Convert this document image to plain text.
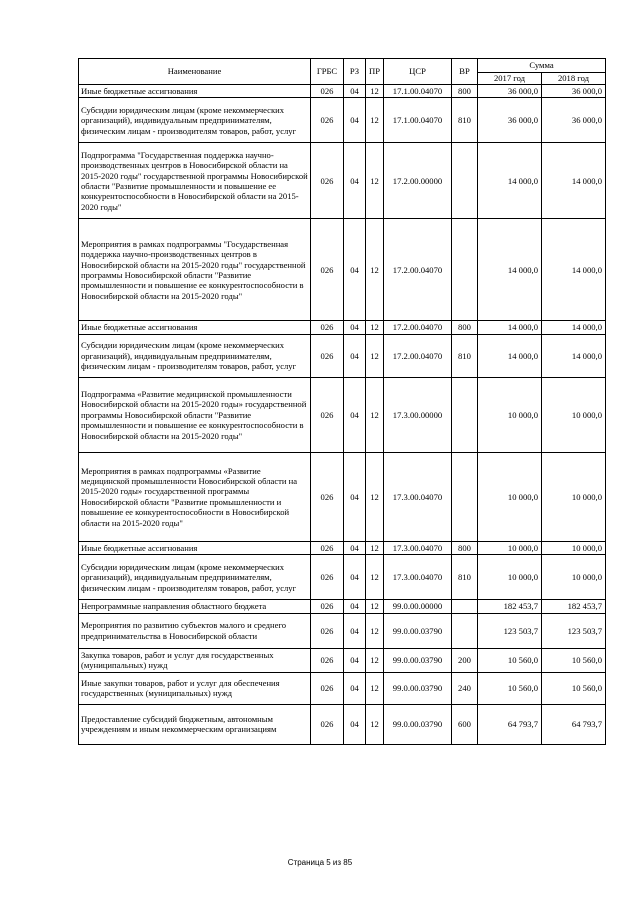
Наименование	ГРБС	РЗ	ПР	ЦСР	ВР	Сумма	
						2017 год	2018 год
Иные бюджетные ассигнования	026	04	12	17.1.00.04070	800	36 000,0	36 000,0
Субсидии юридическим лицам (кроме некоммерческих организаций), индивидуальным предпринимателям, физическим лицам - производителям товаров, работ, услуг	026	04	12	17.1.00.04070	810	36 000,0	36 000,0
Подпрограмма "Государственная поддержка научно-производственных центров в Новосибирской области на 2015-2020 годы" государственной программы Новосибирской области "Развитие промышленности и повышение ее конкурентоспособности в Новосибирской области на 2015-2020 годы"	026	04	12	17.2.00.00000		14 000,0	14 000,0
Мероприятия в рамках подпрограммы "Государственная поддержка научно-производственных центров в Новосибирской области на 2015-2020 годы" государственной программы Новосибирской области "Развитие промышленности и повышение ее конкурентоспособности в Новосибирской области на 2015-2020 годы"	026	04	12	17.2.00.04070		14 000,0	14 000,0
Иные бюджетные ассигнования	026	04	12	17.2.00.04070	800	14 000,0	14 000,0
Субсидии юридическим лицам (кроме некоммерческих организаций), индивидуальным предпринимателям, физическим лицам - производителям товаров, работ, услуг	026	04	12	17.2.00.04070	810	14 000,0	14 000,0
Подпрограмма «Развитие медицинской промышленности Новосибирской области на 2015-2020 годы» государственной программы Новосибирской области "Развитие промышленности и повышение ее конкурентоспособности в Новосибирской области на 2015-2020 годы"	026	04	12	17.3.00.00000		10 000,0	10 000,0
Мероприятия в рамках подпрограммы «Развитие медицинской промышленности Новосибирской области на 2015-2020 годы» государственной программы Новосибирской области "Развитие промышленности и повышение ее конкурентоспособности в Новосибирской области на 2015-2020 годы"	026	04	12	17.3.00.04070		10 000,0	10 000,0
Иные бюджетные ассигнования	026	04	12	17.3.00.04070	800	10 000,0	10 000,0
Субсидии юридическим лицам (кроме некоммерческих организаций), индивидуальным предпринимателям, физическим лицам - производителям товаров, работ, услуг	026	04	12	17.3.00.04070	810	10 000,0	10 000,0
Непрограммные направления областного бюджета	026	04	12	99.0.00.00000		182 453,7	182 453,7
Мероприятия по развитию субъектов малого и среднего предпринимательства в Новосибирской области	026	04	12	99.0.00.03790		123 503,7	123 503,7
Закупка товаров, работ и услуг для государственных (муниципальных) нужд	026	04	12	99.0.00.03790	200	10 560,0	10 560,0
Иные закупки товаров, работ и услуг для обеспечения государственных (муниципальных) нужд	026	04	12	99.0.00.03790	240	10 560,0	10 560,0
Предоставление субсидий бюджетным, автономным учреждениям и иным некоммерческим организациям	026	04	12	99.0.00.03790	600	64 793,7	64 793,7
Страница 5 из 85
